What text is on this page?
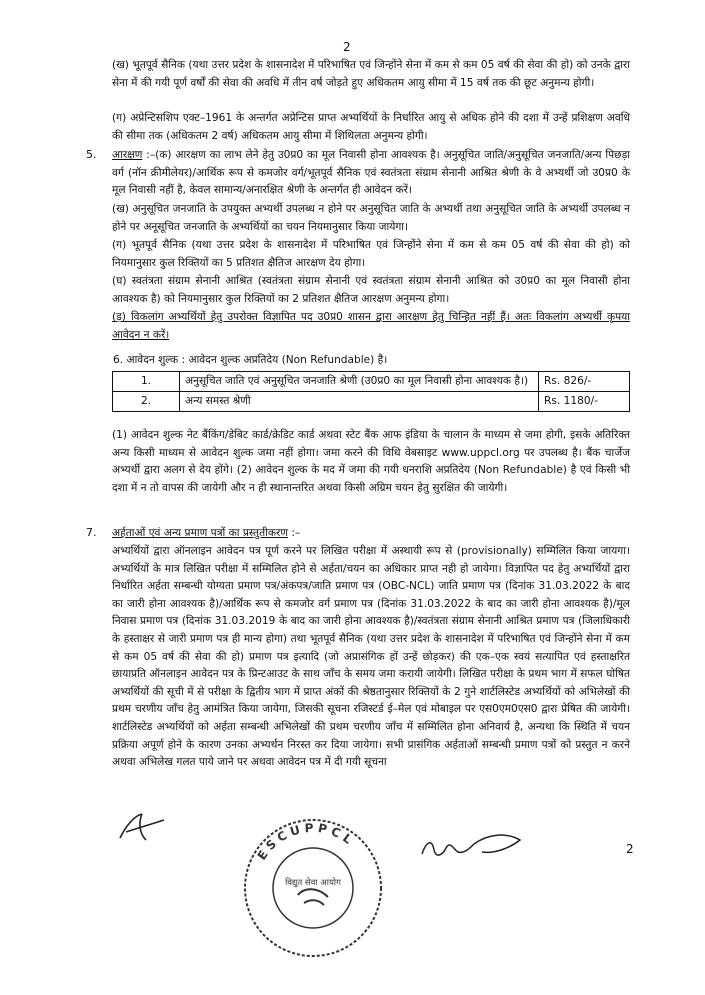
2
(ख) भूतपूर्व सैनिक (यथा उत्तर प्रदेश के शासनादेश में परिभाषित एवं जिन्होंने सेना में कम से कम 05 वर्ष की सेवा की हो) को उनके द्वारा सेना में की गयी पूर्ण वर्षों की सेवा की अवधि में तीन वर्ष जोड़ते हुए अधिकतम आयु सीमा में 15 वर्ष तक की छूट अनुमन्य होगी।
(ग) अप्रेन्टिसशिप एक्ट–1961 के अन्तर्गत अप्रेन्टिस प्राप्त अभ्यर्थियों के निर्धारित आयु से अधिक होने की दशा में उन्हें प्रशिक्षण अवधि की सीमा तक (अधिकतम 2 वर्ष) अधिकतम आयु सीमा में शिथिलता अनुमन्य होगी।
5. आरक्षण :–(क) आरक्षण का लाभ लेने हेतु उ0प्र0 का मूल निवासी होना आवश्यक है। अनुसूचित जाति/अनुसूचित जनजाति/अन्य पिछड़ा वर्ग (नॉन क्रीमीलेयर)/आर्थिक रूप से कमजोर वर्ग/भूतपूर्व सैनिक एवं स्वतंत्रता संग्राम सेनानी आश्रित श्रेणी के वे अभ्यर्थी जो उ0प्र0 के मूल निवासी नहीं है, केवल सामान्य/अनारक्षित श्रेणी के अन्तर्गत ही आवेदन करें।
(ख) अनुसूचित जनजाति के उपयुक्त अभ्यर्थी उपलब्ध न होने पर अनुसूचित जाति के अभ्यर्थी तथा अनुसूचित जाति के अभ्यर्थी उपलब्ध न होने पर अनूसूचित जनजाति के अभ्यर्थियों का चयन नियमानुसार किया जायेगा।
(ग) भूतपूर्व सैनिक (यथा उत्तर प्रदेश के शासनादेश में परिभाषित एवं जिन्होंने सेना में कम से कम 05 वर्ष की सेवा की हो) को नियमानुसार कुल रिक्तियों का 5 प्रतिशत क्षैतिज आरक्षण देय होगा।
(घ) स्वतंत्रता संग्राम सेनानी आश्रित (स्वतंत्रता संग्राम सेनानी एवं स्वतंत्रता संग्राम सेनानी आश्रित को उ0प्र0 का मूल निवासी होना आवश्यक है) को नियमानुसार कुल रिक्तियों का 2 प्रतिशत क्षैतिज आरक्षण अनुमन्य होगा।
(ड़) विकलांग अभ्यर्थियों हेतु उपरोक्त विज्ञापित पद उ0प्र0 शासन द्वारा आरक्षण हेतु चिन्हित नहीं हैं। अतः विकलांग अभ्यर्थी कृपया आवेदन न करें।
6. आवेदन शुल्क : आवेदन शुल्क अप्रतिदेय (Non Refundable) है।
1.	अनुसूचित जाति एवं अनुसूचित जनजाति श्रेणी (उ0प्र0 का मूल निवासी होना आवश्यक है।)	Rs. 826/-
2.	अन्य समस्त श्रेणी	Rs. 1180/-
(1) आवेदन शुल्क नेट बैंकिंग/डेबिट कार्ड/क्रेडिट कार्ड अथवा स्टेट बैंक आफ इंडिया के चालान के माध्यम से जमा होगी, इसके अतिरिक्त अन्य किसी माध्यम से आवेदन शुल्क जमा नहीं होगा। जमा करने की विधि वेबसाइट www.uppcl.org पर उपलब्ध है। बैंक चार्जेज अभ्यर्थी द्वारा अलग से देय होंगे। (2) आवेदन शुल्क के मद में जमा की गयी धनराशि अप्रतिदेय (Non Refundable) है एवं किसी भी दशा में न तो वापस की जायेगी और न ही स्थानान्तरित अथवा किसी अग्रिम चयन हेतु सुरक्षित की जायेगी।
7. अर्हताओं एवं अन्य प्रमाण पत्रों का प्रस्तुतीकरण :–
अभ्यर्थियों द्वारा ऑनलाइन आवेदन पत्र पूर्ण करने पर लिखित परीक्षा में अस्थायी रूप से (provisionally) सम्मिलित किया जायगा। अभ्यर्थियों के मात्र लिखित परीक्षा में सम्मिलित होने से अर्हता/चयन का अधिकार प्राप्त नही हो जायेगा। विज्ञापित पद हेतु अभ्यर्थियों द्वारा निर्धारित अर्हता सम्बन्धी योग्यता प्रमाण पत्र/अंकपत्र/जाति प्रमाण पत्र (OBC-NCL) जाति प्रमाण पत्र (दिनांक 31.03.2022 के बाद का जारी होना आवश्यक है)/आर्थिक रूप से कमजोर वर्ग प्रमाण पत्र (दिनांक 31.03.2022 के बाद का जारी होना आवश्यक है)/मूल निवास प्रमाण पत्र (दिनांक 31.03.2019 के बाद का जारी होना आवश्यक है)/स्वतंत्रता संग्राम सेनानी आश्रित प्रमाण पत्र (जिलाधिकारी के हस्ताक्षर से जारी प्रमाण पत्र ही मान्य होगा) तथा भूतपूर्व सैनिक (यथा उत्तर प्रदेश के शासनादेश में परिभाषित एवं जिन्होंने सेना में कम से कम 05 वर्ष की सेवा की हो) प्रमाण पत्र इत्यादि (जो अप्रासंगिक हों उन्हें छोड़कर) की एक–एक स्वयं सत्यापित एवं हस्ताक्षरित छायाप्रति ऑनलाइन आवेदन पत्र के प्रिन्टआउट के साथ जाँच के समय जमा करायी जायेगी। लिखित परीक्षा के प्रथम भाग में सफल घोषित अभ्यर्थियों की सूची में से परीक्षा के द्वितीय भाग में प्राप्त अंकों की श्रेष्ठतानुसार रिक्तियों के 2 गुने शार्टलिस्टेड अभ्यर्थियों को अभिलेखों की प्रथम चरणीय जाँच हेतु आमंत्रित किया जायेगा, जिसकी सूचना रजिस्टर्ड ई–मेल एवं मोबाइल पर एस0एम0एस0 द्वारा प्रेषित की जायेगी। शार्टलिस्टेड अभ्यर्थियों को अर्हता सम्बन्धी अभिलेखों की प्रथम चरणीय जाँच में सम्मिलित होना अनिवार्य है, अन्यथा कि स्थिति में चयन प्रक्रिया अपूर्ण होने के कारण उनका अभ्यर्थन निरस्त कर दिया जायेगा। सभी प्रासंगिक अर्हताओं सम्बन्धी प्रमाण पत्रों को प्रस्तुत न करने अथवा अभिलेख गलत पाये जाने पर अथवा आवेदन पत्र में दी गयी सूचना
ESCUPPCL
विद्युत सेवा आयोग
2
